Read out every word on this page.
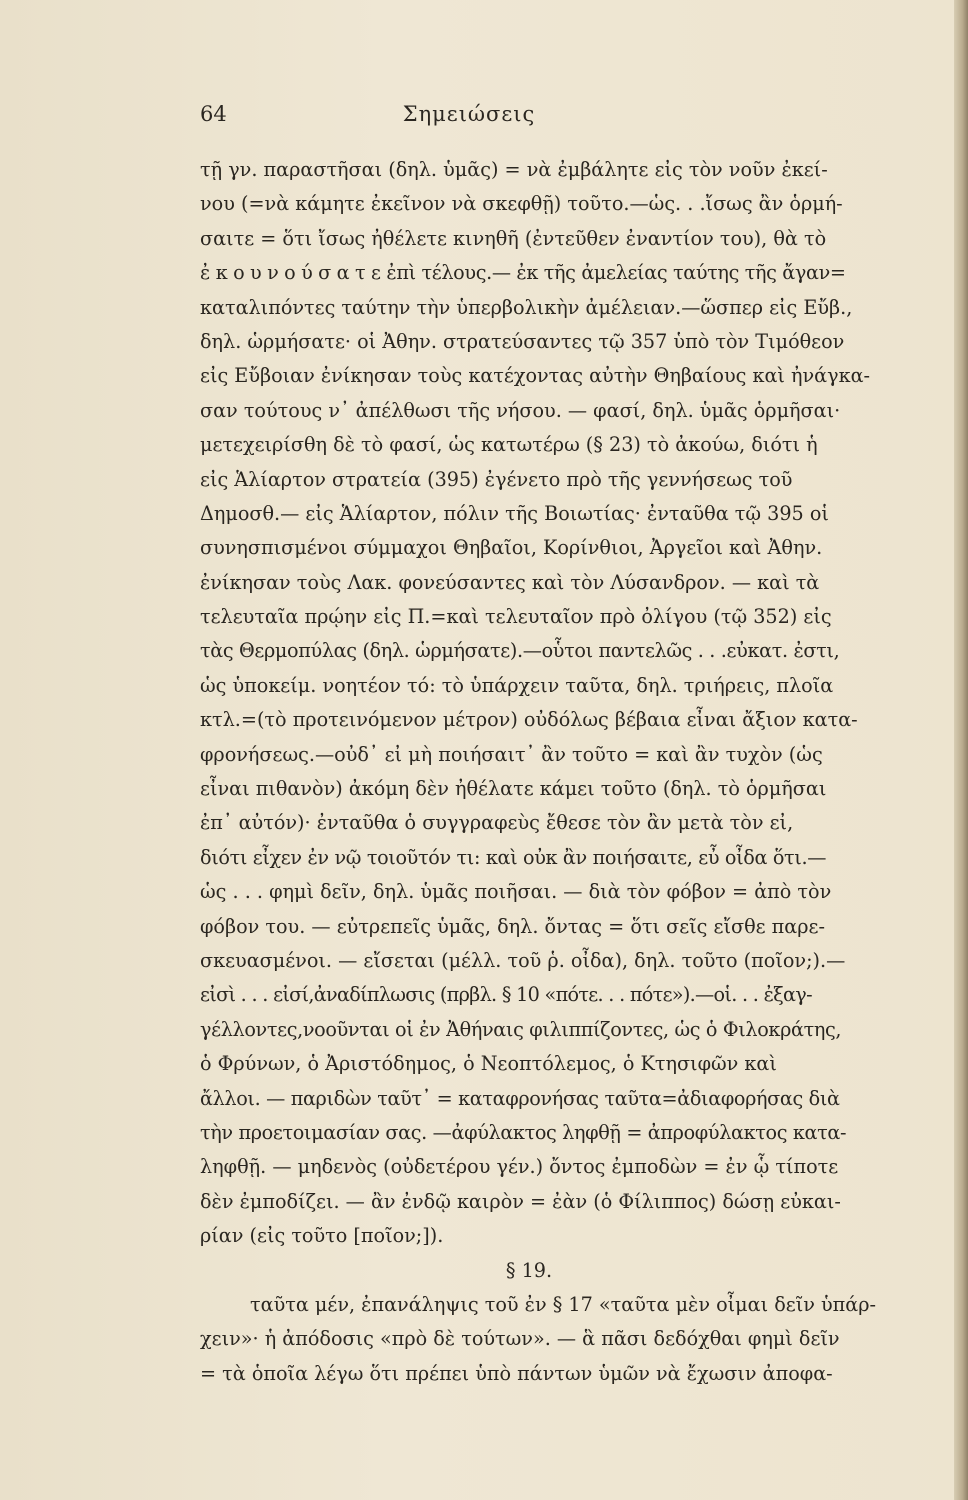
64	Σημειώσεις
τῇ γν. παραστῆσαι (δηλ. ὑμᾶς) = νὰ ἐμβάλητε εἰς τὸν νοῦν ἐκεί-
νου (=νὰ κάμητε ἐκεῖνον νὰ σκεφθῇ) τοῦτο.—ὡς. . .ἴσως ἂν ὁρμή-
σαιτε = ὅτι ἴσως ἠθέλετε κινηθῆ (ἐντεῦθεν ἐναντίον του), θὰ τὸ
ἐ κ ο υ ν ο ύ σ α τ ε ἐπὶ τέλους.— ἐκ τῆς ἀμελείας ταύτης τῆς ἄγαν=
καταλιπόντες ταύτην τὴν ὑπερβολικὴν ἀμέλειαν.—ὥσπερ εἰς Εὔβ.,
δηλ. ὡρμήσατε· οἱ Ἀθην. στρατεύσαντες τῷ 357 ὑπὸ τὸν Τιμόθεον
εἰς Εὔβοιαν ἐνίκησαν τοὺς κατέχοντας αὐτὴν Θηβαίους καὶ ἠνάγκα-
σαν τούτους ν᾽ ἀπέλθωσι τῆς νήσου. — φασί, δηλ. ὑμᾶς ὁρμῆσαι·
μετεχειρίσθη δὲ τὸ φασί, ὡς κατωτέρω (§ 23) τὸ ἀκούω, διότι ἡ
εἰς Ἁλίαρτον στρατεία (395) ἐγένετο πρὸ τῆς γεννήσεως τοῦ
Δημοσθ.— εἰς Ἁλίαρτον, πόλιν τῆς Βοιωτίας· ἐνταῦθα τῷ 395 οἱ
συνησπισμένοι σύμμαχοι Θηβαῖοι, Κορίνθιοι, Ἀργεῖοι καὶ Ἀθην.
ἐνίκησαν τοὺς Λακ. φονεύσαντες καὶ τὸν Λύσανδρον. — καὶ τὰ
τελευταῖα πρῴην εἰς Π.=καὶ τελευταῖον πρὸ ὀλίγου (τῷ 352) εἰς
τὰς Θερμοπύλας (δηλ. ὡρμήσατε).—οὗτοι παντελῶς . . .εὐκατ. ἐστι,
ὡς ὑποκείμ. νοητέον τό: τὸ ὑπάρχειν ταῦτα, δηλ. τριήρεις, πλοῖα
κτλ.=(τὸ προτεινόμενον μέτρον) οὐδόλως βέβαια εἶναι ἄξιον κατα-
φρονήσεως.—οὐδ᾽ εἰ μὴ ποιήσαιτ᾽ ἂν τοῦτο = καὶ ἂν τυχὸν (ὡς
εἶναι πιθανὸν) ἀκόμη δὲν ἠθέλατε κάμει τοῦτο (δηλ. τὸ ὁρμῆσαι
ἐπ᾽ αὐτόν)· ἐνταῦθα ὁ συγγραφεὺς ἔθεσε τὸν ἂν μετὰ τὸν εἰ,
διότι εἶχεν ἐν νῷ τοιοῦτόν τι: καὶ οὐκ ἂν ποιήσαιτε, εὖ οἶδα ὅτι.—
ὡς . . . φημὶ δεῖν, δηλ. ὑμᾶς ποιῆσαι. — διὰ τὸν φόβον = ἀπὸ τὸν
φόβον του. — εὐτρεπεῖς ὑμᾶς, δηλ. ὄντας = ὅτι σεῖς εἴσθε παρε-
σκευασμένοι. — εἴσεται (μέλλ. τοῦ ῥ. οἶδα), δηλ. τοῦτο (ποῖον;).—
εἰσὶ . . . εἰσί,ἀναδίπλωσις (πρβλ. § 10 «πότε. . . πότε»).—οἱ. . . ἐξαγ-
γέλλοντες,νοοῦνται οἱ ἐν Ἀθήναις φιλιππίζοντες, ὡς ὁ Φιλοκράτης,
ὁ Φρύνων, ὁ Ἀριστόδημος, ὁ Νεοπτόλεμος, ὁ Κτησιφῶν καὶ
ἄλλοι. — παριδὼν ταῦτ᾽ = καταφρονήσας ταῦτα=ἀδιαφορήσας διὰ
τὴν προετοιμασίαν σας. —ἀφύλακτος ληφθῇ = ἀπροφύλακτος κατα-
ληφθῇ. — μηδενὸς (οὐδετέρου γέν.) ὄντος ἐμποδὼν = ἐν ᾧ τίποτε
δὲν ἐμποδίζει. — ἂν ἐνδῷ καιρὸν = ἐὰν (ὁ Φίλιππος) δώσῃ εὐκαι-
ρίαν (εἰς τοῦτο [ποῖον;]).
§ 19.
ταῦτα μέν, ἐπανάληψις τοῦ ἐν § 17 «ταῦτα μὲν οἶμαι δεῖν ὑπάρ-
χειν»· ἡ ἀπόδοσις «πρὸ δὲ τούτων». — ἃ πᾶσι δεδόχθαι φημὶ δεῖν
= τὰ ὁποῖα λέγω ὅτι πρέπει ὑπὸ πάντων ὑμῶν νὰ ἔχωσιν ἀποφα-
